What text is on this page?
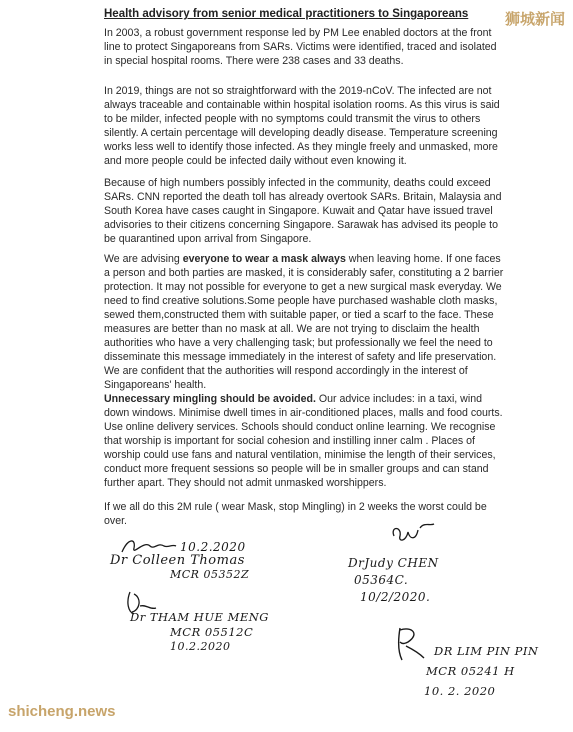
狮城新闻
Health advisory from senior medical practitioners to Singaporeans

In 2003, a robust government response led by PM Lee enabled doctors at the front line to protect Singaporeans from SARs. Victims were identified, traced and isolated in special hospital rooms. There were 238 cases and 33 deaths.

In 2019, things are not so straightforward with the 2019-nCoV. The infected are not always traceable and containable within hospital isolation rooms. As this virus is said to be milder, infected people with no symptoms could transmit the virus to others silently. A certain percentage will developing deadly disease. Temperature screening works less well to identify those infected. As they mingle freely and unmasked, more and more people could be infected daily without even knowing it.

Because of high numbers possibly infected in the community, deaths could exceed SARs. CNN reported the death toll has already overtook SARs. Britain, Malaysia and South Korea have cases caught in Singapore. Kuwait and Qatar have issued travel advisories to their citizens concerning Singapore. Sarawak has advised its people to be quarantined upon arrival from Singapore.

We are advising everyone to wear a mask always when leaving home. If one faces a person and both parties are masked, it is considerably safer, constituting a 2 barrier protection. It may not possible for everyone to get a new surgical mask everyday. We need to find creative solutions.Some people have purchased washable cloth masks, sewed them,constructed them with suitable paper, or tied a scarf to the face. These measures are better than no mask at all. We are not trying to disclaim the health authorities who have a very challenging task; but professionally we feel the need to disseminate this message immediately in the interest of safety and life preservation. We are confident that the authorities will respond accordingly in the interest of Singaporeans' health.

Unnecessary mingling should be avoided. Our advice includes: in a taxi, wind down windows. Minimise dwell times in air-conditioned places, malls and food courts. Use online delivery services. Schools should conduct online learning. We recognise that worship is important for social cohesion and instilling inner calm . Places of worship could use fans and natural ventilation, minimise the length of their services, conduct more frequent sessions so people will be in smaller groups and can stand further apart. They should not admit unmasked worshippers.

If we all do this 2M rule ( wear Mask, stop Mingling) in 2 weeks the worst could be over.

10.2.2020
Dr Colleen Thomas
MCR 05352Z
Dr THAM HUE MENG
MCR 05512C
10.2.2020
DrJudy CHEN
05364C.
10/2/2020.
DR LIM PIN PIN
MCR 05241 H
10. 2. 2020
shicheng.news
